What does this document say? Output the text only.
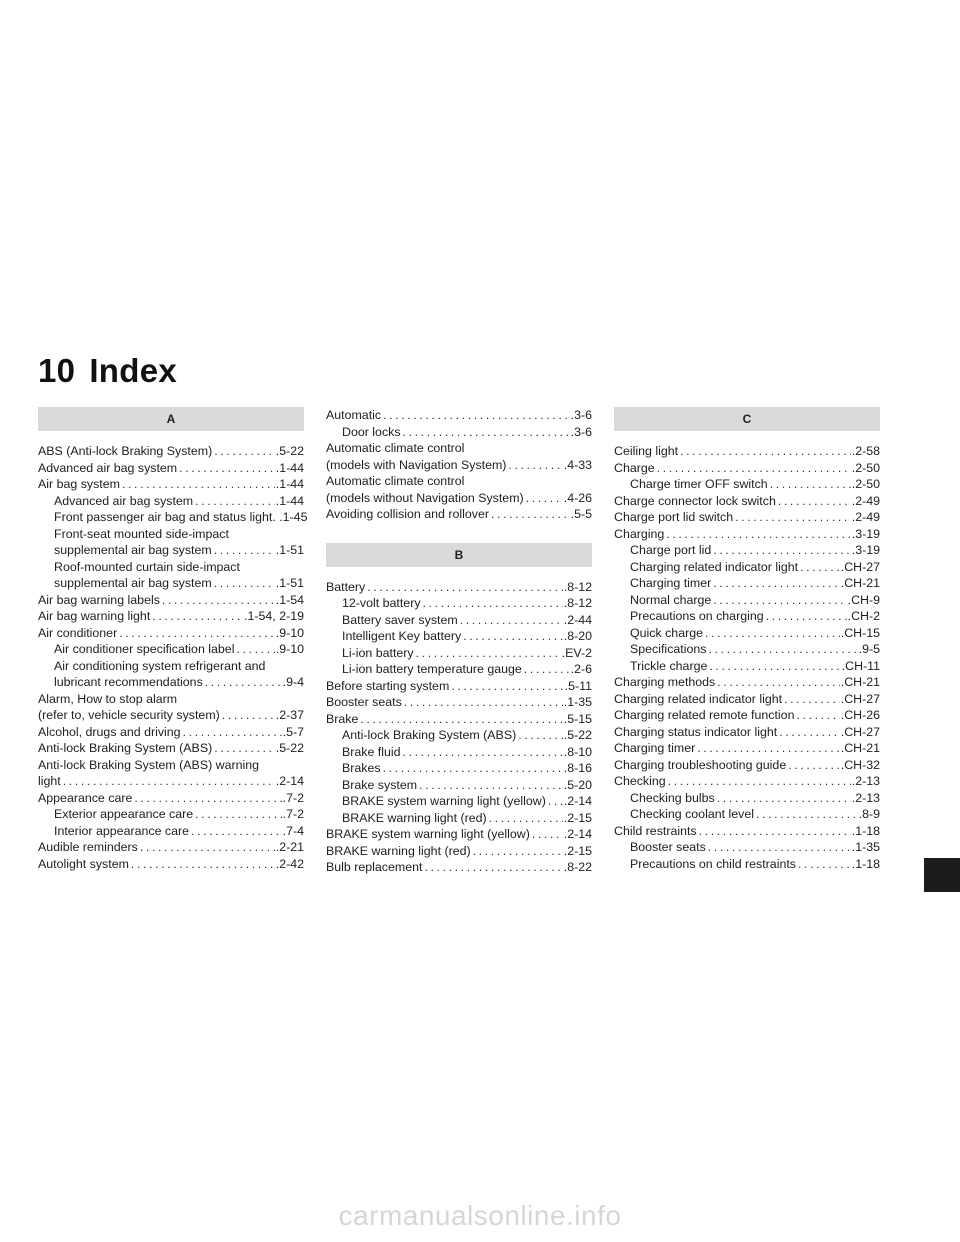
10 Index
A
ABS (Anti-lock Braking System) .....	.5-22
Advanced air bag system .....	.1-44
Air bag system .....	.1-44
Advanced air bag system .....	.1-44
Front passenger air bag and status light. .1-45
Front-seat mounted side-impact
supplemental air bag system .....	.1-51
Roof-mounted curtain side-impact
supplemental air bag system .....	.1-51
Air bag warning labels .....	.1-54
Air bag warning light .....	.1-54, 2-19
Air conditioner .....	.9-10
Air conditioner specification label .....	.9-10
Air conditioning system refrigerant and
lubricant recommendations .....	.9-4
Alarm, How to stop alarm
(refer to, vehicle security system) .....	.2-37
Alcohol, drugs and driving .....	.5-7
Anti-lock Braking System (ABS) .....	.5-22
Anti-lock Braking System (ABS) warning
light .....	.2-14
Appearance care .....	.7-2
Exterior appearance care .....	.7-2
Interior appearance care .....	.7-4
Audible reminders .....	.2-21
Autolight system .....	.2-42
Automatic .....	.3-6
Door locks .....	.3-6
Automatic climate control
(models with Navigation System) .....	.4-33
Automatic climate control
(models without Navigation System) .....	.4-26
Avoiding collision and rollover .....	.5-5
B
Battery .....	.8-12
12-volt battery .....	.8-12
Battery saver system .....	.2-44
Intelligent Key battery .....	.8-20
Li-ion battery .....	.EV-2
Li-ion battery temperature gauge .....	.2-6
Before starting system .....	.5-11
Booster seats .....	.1-35
Brake .....	.5-15
Anti-lock Braking System (ABS) .....	.5-22
Brake fluid .....	.8-10
Brakes .....	.8-16
Brake system .....	.5-20
BRAKE system warning light (yellow) ..... .2-14
BRAKE warning light (red) .....	.2-15
BRAKE system warning light (yellow) .....	.2-14
BRAKE warning light (red) .....	.2-15
Bulb replacement .....	.8-22
C
Ceiling light .....	.2-58
Charge .....	.2-50
Charge timer OFF switch .....	.2-50
Charge connector lock switch .....	.2-49
Charge port lid switch .....	.2-49
Charging .....	.3-19
Charge port lid .....	.3-19
Charging related indicator light .....	.CH-27
Charging timer .....	.CH-21
Normal charge .....	.CH-9
Precautions on charging .....	.CH-2
Quick charge .....	.CH-15
Specifications .....	.9-5
Trickle charge .....	.CH-11
Charging methods .....	.CH-21
Charging related indicator light .....	.CH-27
Charging related remote function .....	.CH-26
Charging status indicator light .....	.CH-27
Charging timer .....	.CH-21
Charging troubleshooting guide .....	.CH-32
Checking .....	.2-13
Checking bulbs .....	.2-13
Checking coolant level .....	.8-9
Child restraints .....	.1-18
Booster seats .....	.1-35
Precautions on child restraints .....	.1-18
carmanualsonline.info
